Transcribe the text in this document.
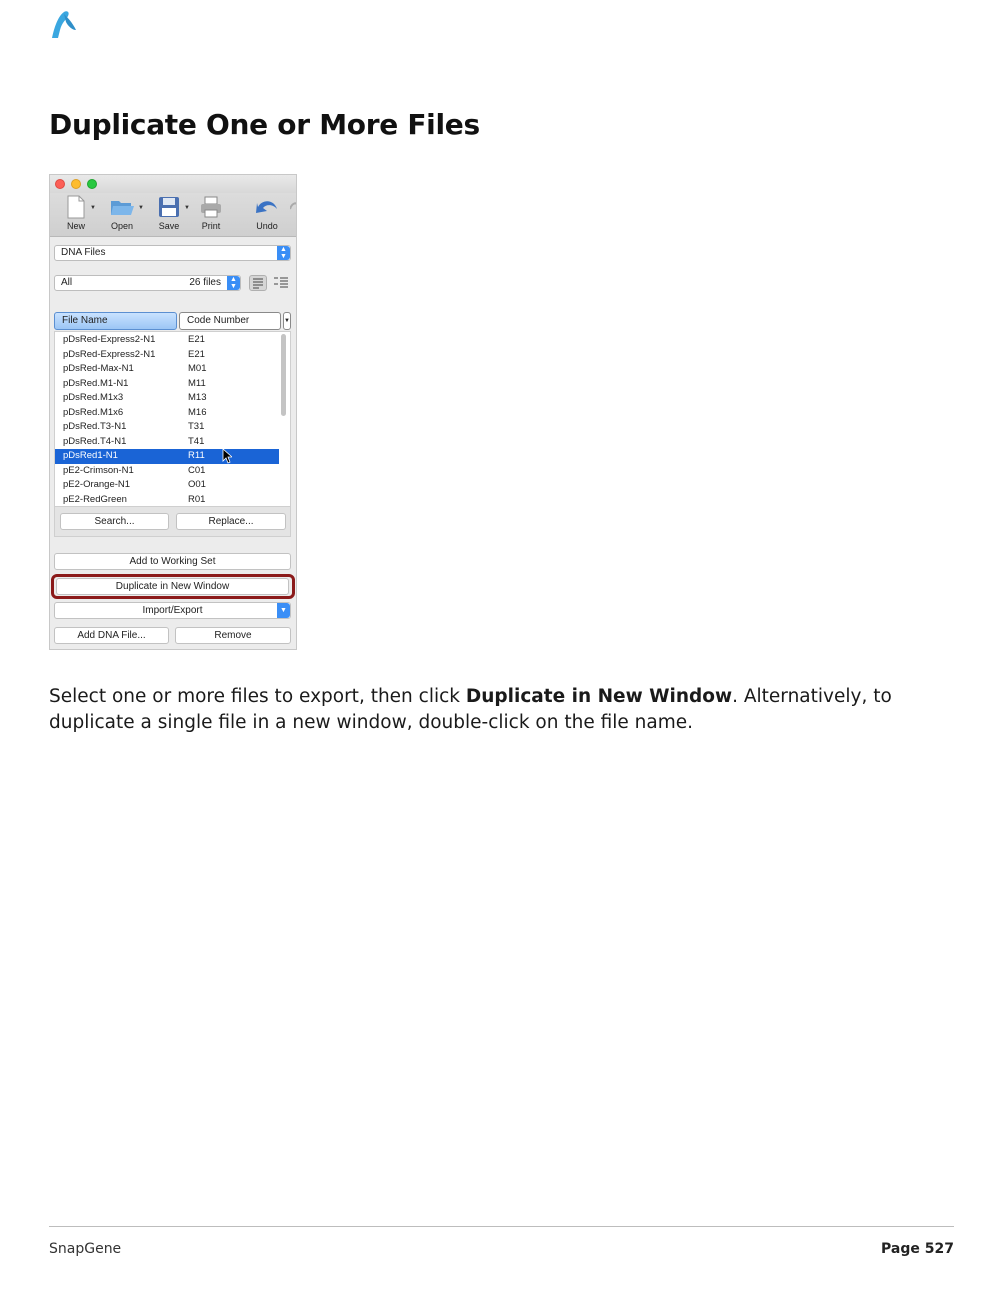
Duplicate One or More Files
New
▼
Open
▼
Save
▼
Print	Undo
DNA Files	▲
▼
All	26 files	▲
▼
File Name	Code Number	▼
pDsRed-Express2-N1	E21
pDsRed-Express2-N1	E21
pDsRed-Max-N1	M01
pDsRed.M1-N1	M11
pDsRed.M1x3	M13
pDsRed.M1x6	M16
pDsRed.T3-N1	T31
pDsRed.T4-N1	T41
pDsRed1-N1	R11
pE2-Crimson-N1	C01
pE2-Orange-N1	O01
pE2-RedGreen	R01
Search...	Replace...
Add to Working Set
Duplicate in New Window
Import/Export	▼
Add DNA File...	Remove

Select one or more files to export, then click Duplicate in New Window. Alternatively, to duplicate a single file in a new window, double-click on the file name.

SnapGene	Page 527
